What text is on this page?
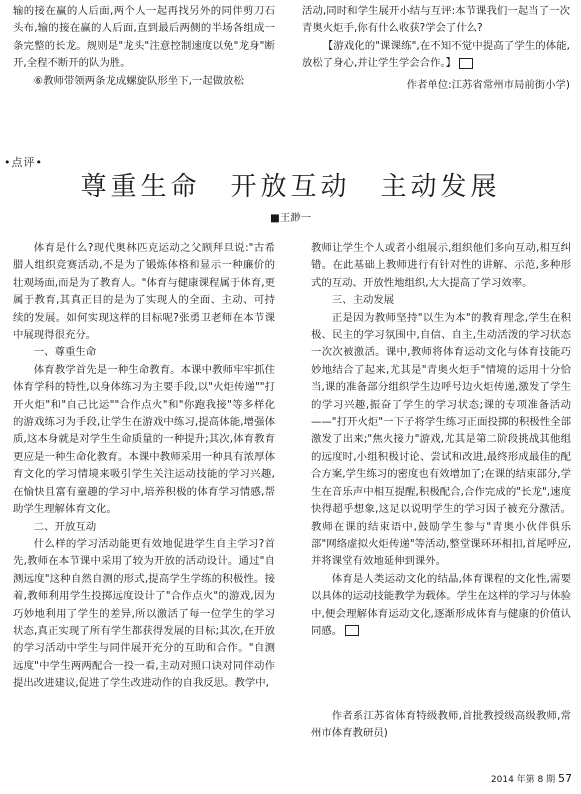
输的接在赢的人后面,两个人一起再找另外的同伴剪刀石头布,输的接在赢的人后面,直到最后两侧的半场各组成一条完整的长龙。规则是"龙头"注意控制速度以免"龙身"断开,全程不断开的队为胜。

⑥教师带领两条龙成螺旋队形坐下,一起做放松

活动,同时和学生展开小结与互评:本节课我们一起当了一次青奥火炬手,你有什么收获?学会了什么?

【游戏化的"课课练",在不知不觉中提高了学生的体能,放松了身心,并让学生学会合作。】

作者单位:江苏省常州市局前街小学)
•点评•
尊重生命　开放互动　主动发展
■王渺一

体育是什么?现代奥林匹克运动之父顾拜旦说:"古希腊人组织竞赛活动,不是为了锻炼体格和显示一种廉价的壮观场面,而是为了教育人。"体育与健康课程属于体育,更属于教育,其真正目的是为了实现人的全面、主动、可持续的发展。如何实现这样的目标呢?张勇卫老师在本节课中展现得很充分。

一、尊重生命

体育教学首先是一种生命教育。本课中教师牢牢抓住体育学科的特性,以身体练习为主要手段,以"火炬传递""打开火炬"和"自己比运""合作点火"和"你跑我接"等多样化的游戏练习为手段,让学生在游戏中练习,提高体能,增强体质,这本身就是对学生生命质量的一种提升;其次,体育教育更应是一种生命化教育。本课中教师采用一种具有浓厚体育文化的学习情境来吸引学生关注运动技能的学习兴趣,在愉快且富有童趣的学习中,培养积极的体育学习情感,帮助学生理解体育文化。

二、开放互动

什么样的学习活动能更有效地促进学生自主学习?首先,教师在本节课中采用了较为开放的活动设计。通过"自测远度"这种自然自测的形式,提高学生学练的积极性。接着,教师利用学生投掷远度设计了"合作点火"的游戏,因为巧妙地利用了学生的差异,所以激活了每一位学生的学习状态,真正实现了所有学生都获得发展的目标;其次,在开放的学习活动中学生与同伴展开充分的互助和合作。"自测远度"中学生两两配合一投一看,主动对照口诀对同伴动作提出改进建议,促进了学生改进动作的自我反思。教学中,

教师让学生个人或者小组展示,组织他们多向互动,相互纠错。在此基础上教师进行有针对性的讲解、示范,多种形式的互动、开放性地组织,大大提高了学习效率。

三、主动发展

正是因为教师坚持"以生为本"的教育理念,学生在积极、民主的学习氛围中,自信、自主,生动活泼的学习状态一次次被激活。课中,教师将体育运动文化与体育技能巧妙地结合了起来,尤其是"青奥火炬手"情境的运用十分恰当,课的准备部分组织学生边呼号边火炬传递,激发了学生的学习兴趣,振奋了学生的学习状态;课的专项准备活动——"打开火炬"一下子将学生练习正面投掷的积极性全部激发了出来;"焦火接力"游戏,尤其是第二阶段挑战其他组的远度时,小组积极讨论、尝试和改进,最终形成最佳的配合方案,学生练习的密度也有效增加了;在课的结束部分,学生在音乐声中相互提醒,积极配合,合作完成的"长龙",速度快得超乎想象,这足以说明学生的学习因子被充分激活。教师在课的结束语中,鼓励学生参与"青奥小伙伴俱乐部"网络虚拟火炬传递"等活动,整堂课环环相扣,首尾呼应,并将课堂有效地延伸到课外。

体育是人类运动文化的结晶,体育课程的文化性,需要以具体的运动技能教学为载体。学生在这样的学习与体验中,便会理解体育运动文化,逐渐形成体育与健康的价值认同感。

作者系江苏省体育特级教师,首批教授级高级教师,常州市体育教研员)
2014 年第 8 期 57
